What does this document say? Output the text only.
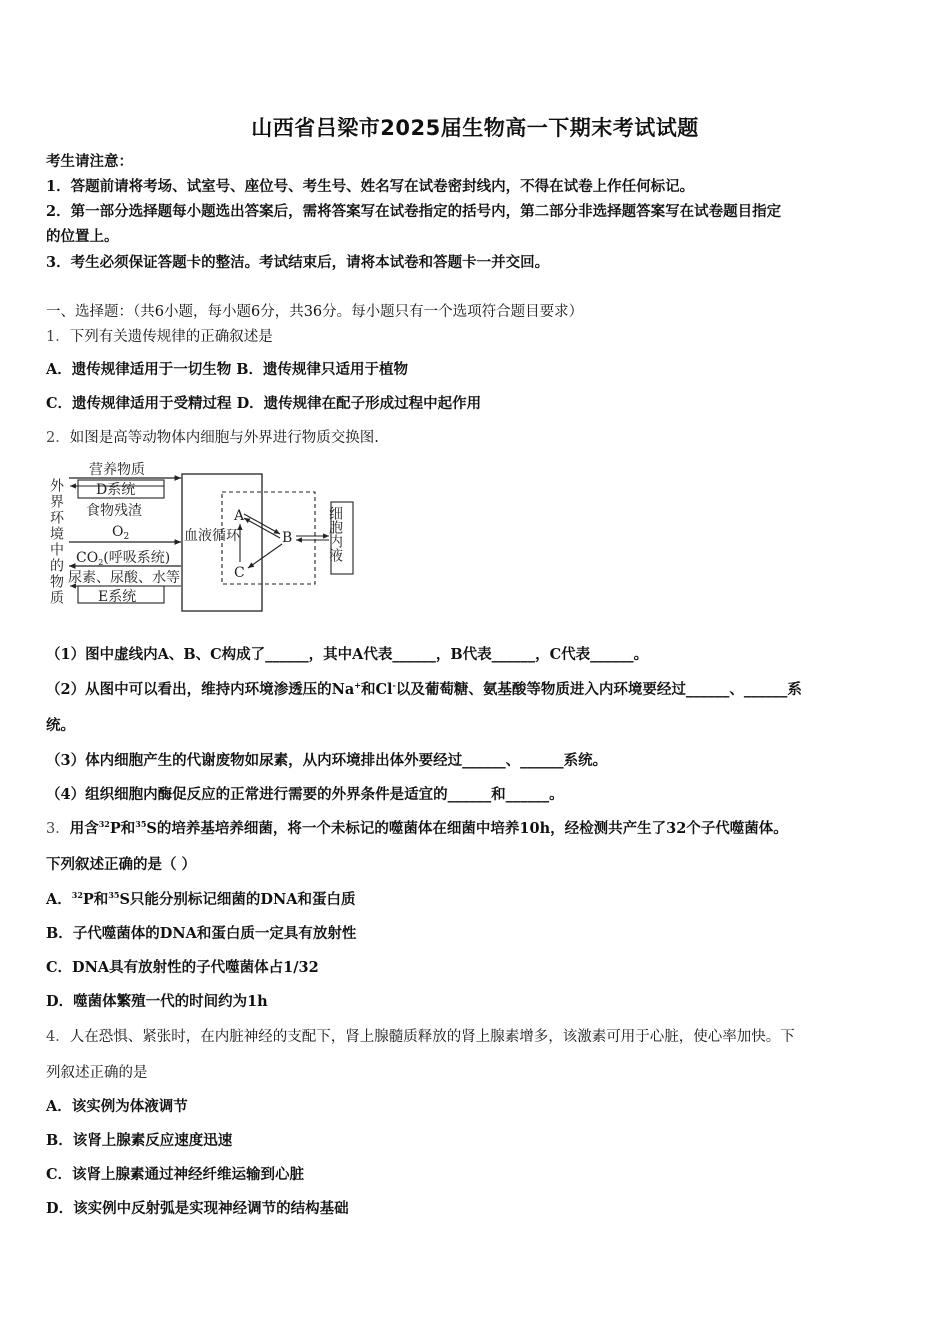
山西省吕梁市2025届生物高一下期末考试试题
考生请注意：
1．答题前请将考场、试室号、座位号、考生号、姓名写在试卷密封线内，不得在试卷上作任何标记。
2．第一部分选择题每小题选出答案后，需将答案写在试卷指定的括号内，第二部分非选择题答案写在试卷题目指定
的位置上。
3．考生必须保证答题卡的整洁。考试结束后，请将本试卷和答题卡一并交回。
一、选择题：（共6小题，每小题6分，共36分。每小题只有一个选项符合题目要求）
1．下列有关遗传规律的正确叙述是
A．遗传规律适用于一切生物 B．遗传规律只适用于植物
C．遗传规律适用于受精过程 D．遗传规律在配子形成过程中起作用
2．如图是高等动物体内细胞与外界进行物质交换图.
外界环境中的物质	血液循环
营养物质
D系统
食物残渣
$O_2$
$CO_2$(呼吸系统)
尿素、尿酸、水等
E系统
A
B
C
细胞内液
（1）图中虚线内A、B、C构成了______，其中A代表______，B代表______，C代表______。
（2）从图中可以看出，维持内环境渗透压的Na+和Cl-以及葡萄糖、氨基酸等物质进入内环境要经过______、______系
统。
（3）体内细胞产生的代谢废物如尿素，从内环境排出体外要经过______、______系统。
（4）组织细胞内酶促反应的正常进行需要的外界条件是适宜的______和______。
3．用含$^{32}$P和$^{35}$S的培养基培养细菌，将一个未标记的噬菌体在细菌中培养10h，经检测共产生了32个子代噬菌体。
下列叙述正确的是（ ）
A．$^{32}$P和$^{35}$S只能分别标记细菌的DNA和蛋白质
B．子代噬菌体的DNA和蛋白质一定具有放射性
C．DNA具有放射性的子代噬菌体占1/32
D．噬菌体繁殖一代的时间约为1h
4．人在恐惧、紧张时，在内脏神经的支配下，肾上腺髓质释放的肾上腺素增多，该激素可用于心脏，使心率加快。下
列叙述正确的是
A．该实例为体液调节
B．该肾上腺素反应速度迅速
C．该肾上腺素通过神经纤维运输到心脏
D．该实例中反射弧是实现神经调节的结构基础
